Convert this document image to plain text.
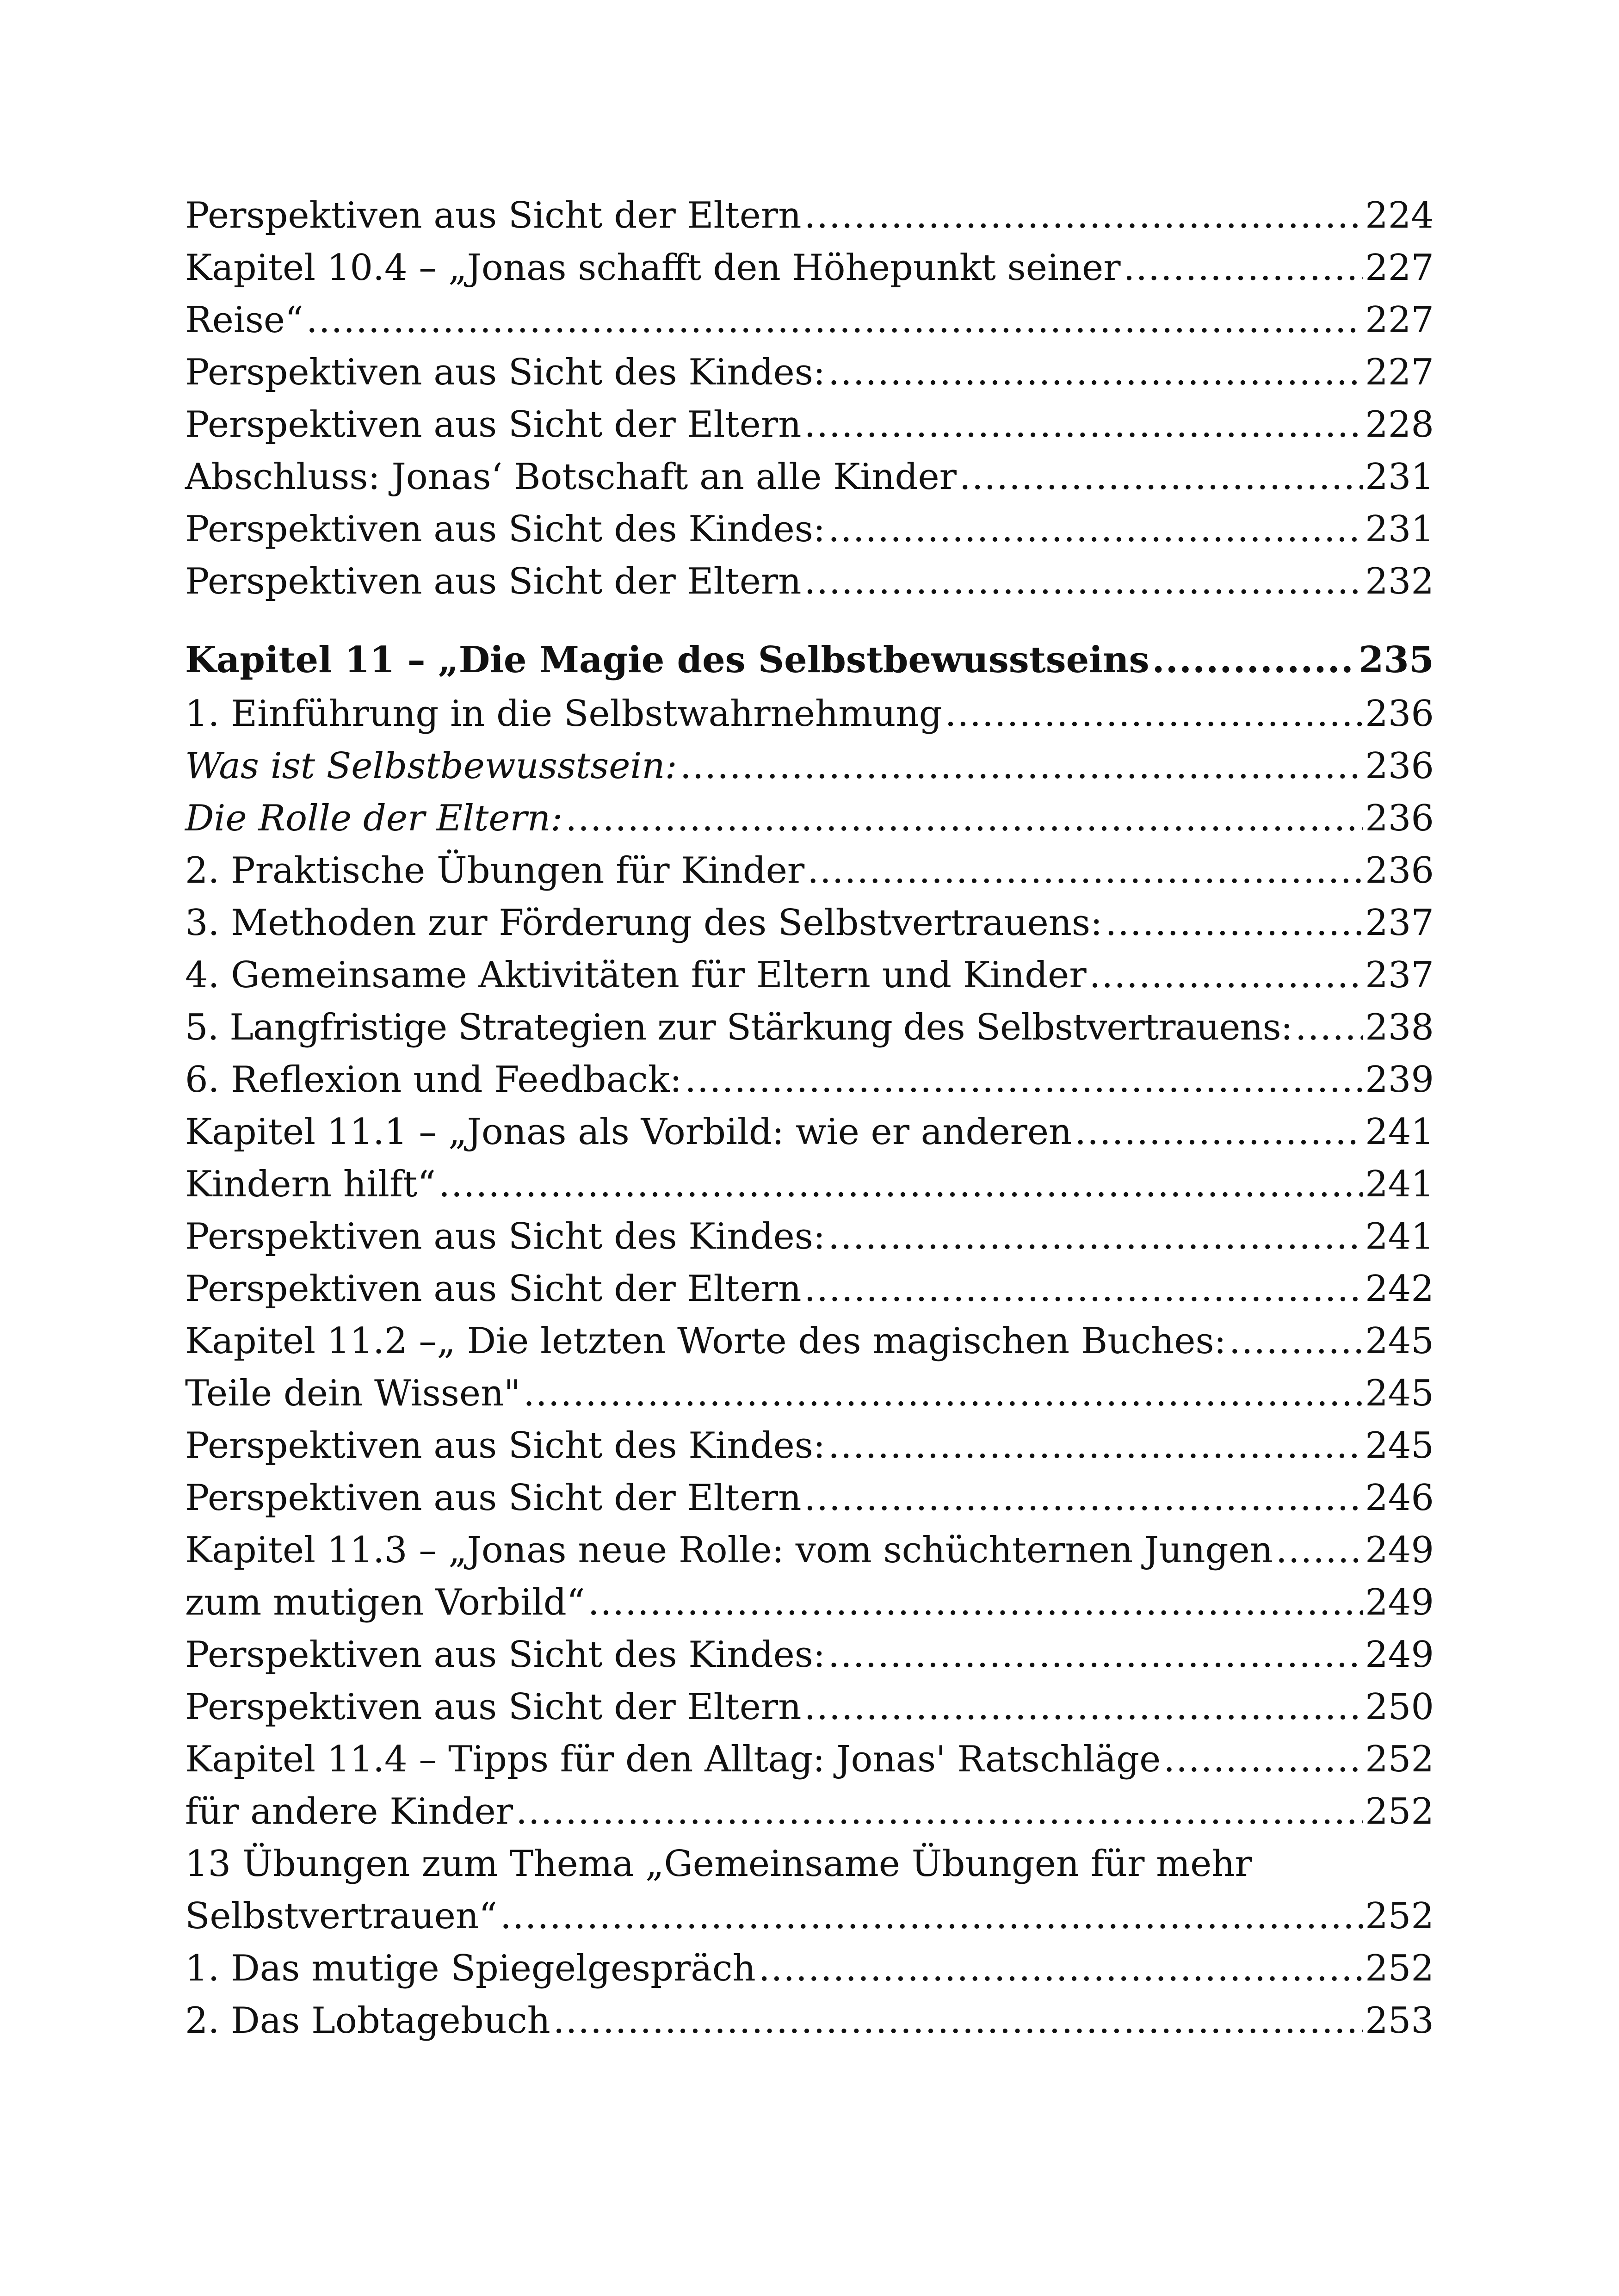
Perspektiven aus Sicht der Eltern .....	224
Kapitel 10.4 – „Jonas schafft den Höhepunkt seiner .....	227
Reise“ .....	227
Perspektiven aus Sicht des Kindes: .....	227
Perspektiven aus Sicht der Eltern .....	228
Abschluss: Jonas‘ Botschaft an alle Kinder .....	231
Perspektiven aus Sicht des Kindes: .....	231
Perspektiven aus Sicht der Eltern .....	232
Kapitel 11 – „Die Magie des Selbstbewusstseins .....	235
1. Einführung in die Selbstwahrnehmung .....	236
Was ist Selbstbewusstsein: .....	236
Die Rolle der Eltern: .....	236
2. Praktische Übungen für Kinder .....	236
3. Methoden zur Förderung des Selbstvertrauens: .....	237
4. Gemeinsame Aktivitäten für Eltern und Kinder .....	237
5. Langfristige Strategien zur Stärkung des Selbstvertrauens: ..... 238
6. Reflexion und Feedback: .....	239
Kapitel 11.1 – „Jonas als Vorbild: wie er anderen .....	241
Kindern hilft“ .....	241
Perspektiven aus Sicht des Kindes: .....	241
Perspektiven aus Sicht der Eltern .....	242
Kapitel 11.2 –„ Die letzten Worte des magischen Buches: .....	245
Teile dein Wissen" .....	245
Perspektiven aus Sicht des Kindes: .....	245
Perspektiven aus Sicht der Eltern .....	246
Kapitel 11.3 – „Jonas neue Rolle: vom schüchternen Jungen .....	249
zum mutigen Vorbild“ .....	249
Perspektiven aus Sicht des Kindes: .....	249
Perspektiven aus Sicht der Eltern .....	250
Kapitel 11.4 – Tipps für den Alltag: Jonas' Ratschläge .....	252
für andere Kinder .....	252
13 Übungen zum Thema „Gemeinsame Übungen für mehr
Selbstvertrauen“ .....	252
1. Das mutige Spiegelgespräch .....	252
2. Das Lobtagebuch .....	253
